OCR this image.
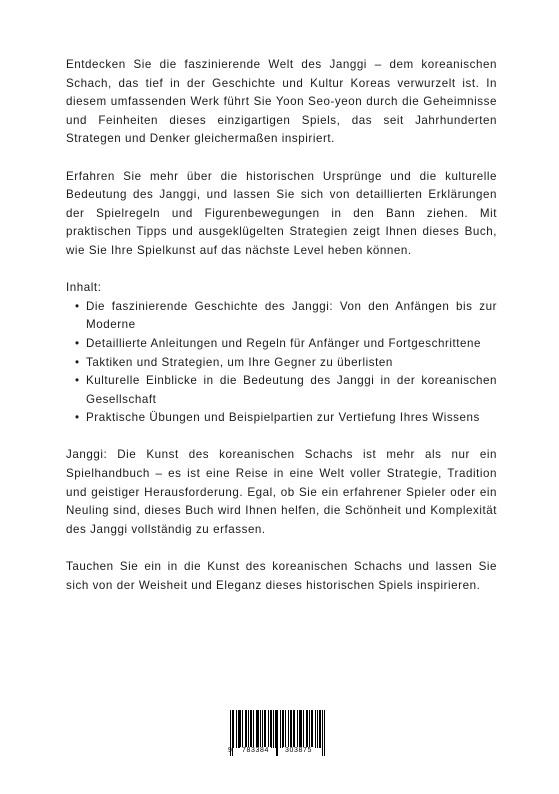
Entdecken Sie die faszinierende Welt des Janggi – dem koreanischen Schach, das tief in der Geschichte und Kultur Koreas verwurzelt ist. In diesem umfassenden Werk führt Sie Yoon Seo-yeon durch die Geheimnisse und Feinheiten dieses einzigartigen Spiels, das seit Jahrhunderten Strategen und Denker gleichermaßen inspiriert.

Erfahren Sie mehr über die historischen Ursprünge und die kulturelle Bedeutung des Janggi, und lassen Sie sich von detaillierten Erklärungen der Spielregeln und Figurenbewegungen in den Bann ziehen. Mit praktischen Tipps und ausgeklügelten Strategien zeigt Ihnen dieses Buch, wie Sie Ihre Spielkunst auf das nächste Level heben können.

Inhalt:

• Die faszinierende Geschichte des Janggi: Von den Anfängen bis zur Moderne
• Detaillierte Anleitungen und Regeln für Anfänger und Fortgeschrittene
• Taktiken und Strategien, um Ihre Gegner zu überlisten
• Kulturelle Einblicke in die Bedeutung des Janggi in der koreanischen Gesellschaft
• Praktische Übungen und Beispielpartien zur Vertiefung Ihres Wissens

Janggi: Die Kunst des koreanischen Schachs ist mehr als nur ein Spielhandbuch – es ist eine Reise in eine Welt voller Strategie, Tradition und geistiger Herausforderung. Egal, ob Sie ein erfahrener Spieler oder ein Neuling sind, dieses Buch wird Ihnen helfen, die Schönheit und Komplexität des Janggi vollständig zu erfassen.

Tauchen Sie ein in die Kunst des koreanischen Schachs und lassen Sie sich von der Weisheit und Eleganz dieses historischen Spiels inspirieren.

9 783384 303875
